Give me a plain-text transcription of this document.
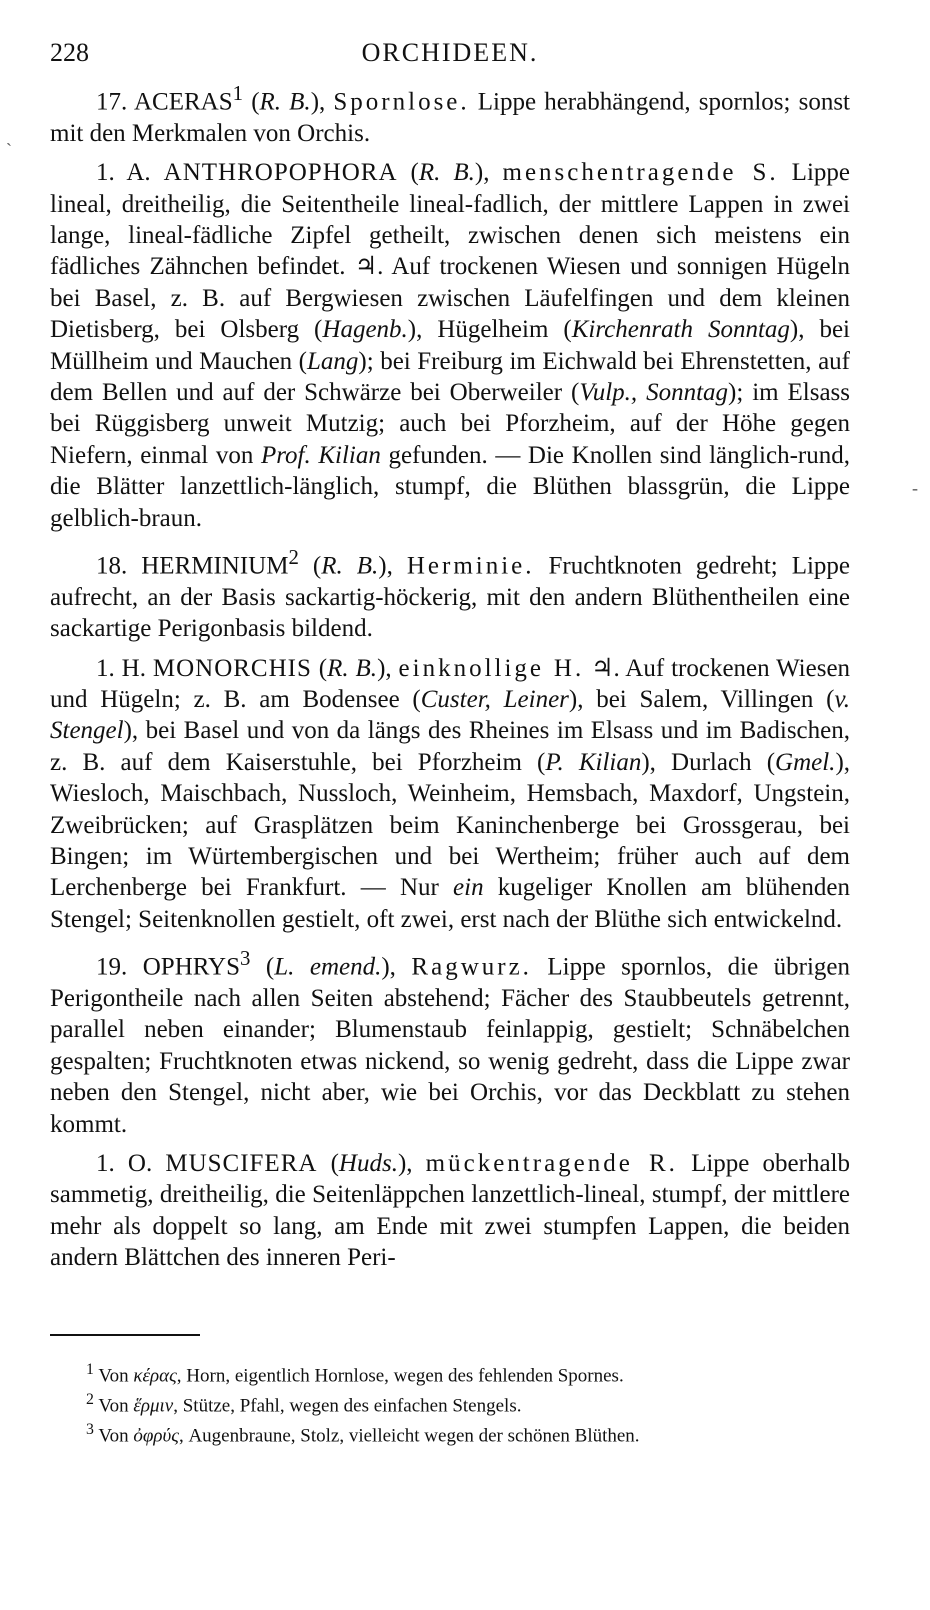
ˋ
-
228	ORCHIDEEN.

17. ACERAS$^1$ (R. B.), Spornlose. Lippe herabhängend, spornlos; sonst mit den Merkmalen von Orchis.

1. A. ANTHROPOPHORA (R. B.), menschentragende S. Lippe lineal, dreitheilig, die Seitentheile lineal-fadlich, der mittlere Lappen in zwei lange, lineal-fädliche Zipfel getheilt, zwischen denen sich meistens ein fädliches Zähnchen befindet. ♃. Auf trockenen Wiesen und sonnigen Hügeln bei Basel, z. B. auf Bergwiesen zwischen Läufelfingen und dem kleinen Dietisberg, bei Olsberg (Hagenb.), Hügelheim (Kirchenrath Sonntag), bei Müllheim und Mauchen (Lang); bei Freiburg im Eichwald bei Ehrenstetten, auf dem Bellen und auf der Schwärze bei Oberweiler (Vulp., Sonntag); im Elsass bei Rüggisberg unweit Mutzig; auch bei Pforzheim, auf der Höhe gegen Niefern, einmal von Prof. Kilian gefunden. — Die Knollen sind länglich-rund, die Blätter lanzettlich-länglich, stumpf, die Blüthen blassgrün, die Lippe gelblich-braun.

18. HERMINIUM$^2$ (R. B.), Herminie. Fruchtknoten gedreht; Lippe aufrecht, an der Basis sackartig-höckerig, mit den andern Blüthentheilen eine sackartige Perigonbasis bildend.

1. H. MONORCHIS (R. B.), einknollige H. ♃. Auf trockenen Wiesen und Hügeln; z. B. am Bodensee (Custer, Leiner), bei Salem, Villingen (v. Stengel), bei Basel und von da längs des Rheines im Elsass und im Badischen, z. B. auf dem Kaiserstuhle, bei Pforzheim (P. Kilian), Durlach (Gmel.), Wiesloch, Maischbach, Nussloch, Weinheim, Hemsbach, Maxdorf, Ungstein, Zweibrücken; auf Grasplätzen beim Kaninchenberge bei Grossgerau, bei Bingen; im Würtembergischen und bei Wertheim; früher auch auf dem Lerchenberge bei Frankfurt. — Nur ein kugeliger Knollen am blühenden Stengel; Seitenknollen gestielt, oft zwei, erst nach der Blüthe sich entwickelnd.

19. OPHRYS$^3$ (L. emend.), Ragwurz. Lippe spornlos, die übrigen Perigontheile nach allen Seiten abstehend; Fächer des Staubbeutels getrennt, parallel neben einander; Blumenstaub feinlappig, gestielt; Schnäbelchen gespalten; Fruchtknoten etwas nickend, so wenig gedreht, dass die Lippe zwar neben den Stengel, nicht aber, wie bei Orchis, vor das Deckblatt zu stehen kommt.

1. O. MUSCIFERA (Huds.), mückentragende R. Lippe oberhalb sammetig, dreitheilig, die Seitenläppchen lanzettlich-lineal, stumpf, der mittlere mehr als doppelt so lang, am Ende mit zwei stumpfen Lappen, die beiden andern Blättchen des inneren Peri-

$^1$ Von κέρας, Horn, eigentlich Hornlose, wegen des fehlenden Spornes.

$^2$ Von ἕρμιν, Stütze, Pfahl, wegen des einfachen Stengels.

$^3$ Von ὀφρύς, Augenbraune, Stolz, vielleicht wegen der schönen Blüthen.
